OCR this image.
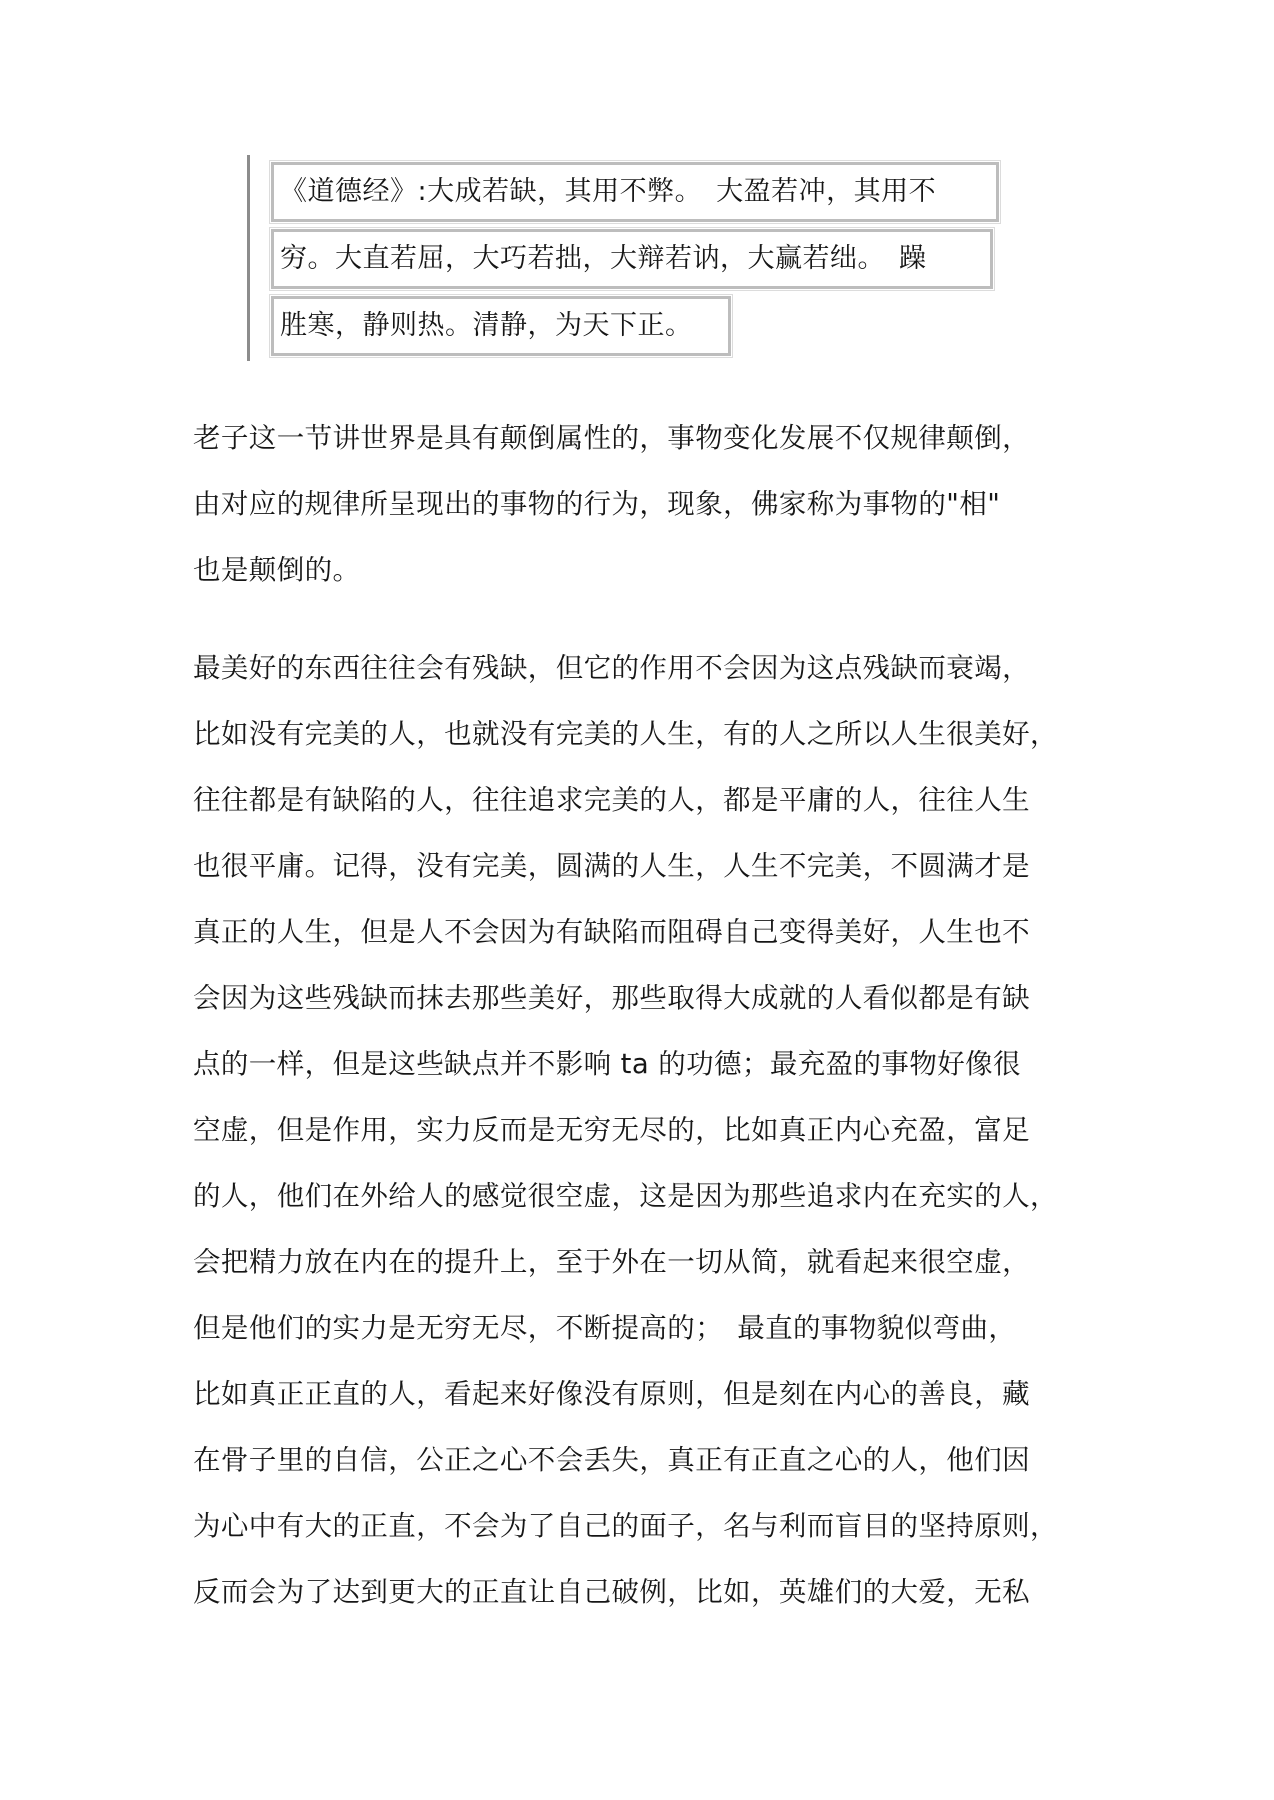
《道德经》:大成若缺，其用不弊。　大盈若冲，其用不
穷。大直若屈，大巧若拙，大辩若讷，大赢若绌。　躁
胜寒，静则热。清静，为天下正。
老子这一节讲世界是具有颠倒属性的，事物变化发展不仅规律颠倒，
由对应的规律所呈现出的事物的行为，现象，佛家称为事物的"相"
也是颠倒的。
最美好的东西往往会有残缺，但它的作用不会因为这点残缺而衰竭，
比如没有完美的人，也就没有完美的人生，有的人之所以人生很美好，
往往都是有缺陷的人，往往追求完美的人，都是平庸的人，往往人生
也很平庸。记得，没有完美，圆满的人生，人生不完美，不圆满才是
真正的人生，但是人不会因为有缺陷而阻碍自己变得美好，人生也不
会因为这些残缺而抹去那些美好，那些取得大成就的人看似都是有缺
点的一样，但是这些缺点并不影响 ta 的功德；最充盈的事物好像很
空虚，但是作用，实力反而是无穷无尽的，比如真正内心充盈，富足
的人，他们在外给人的感觉很空虚，这是因为那些追求内在充实的人，
会把精力放在内在的提升上，至于外在一切从简，就看起来很空虚，
但是他们的实力是无穷无尽，不断提高的；　最直的事物貌似弯曲，
比如真正正直的人，看起来好像没有原则，但是刻在内心的善良，藏
在骨子里的自信，公正之心不会丢失，真正有正直之心的人，他们因
为心中有大的正直，不会为了自己的面子，名与利而盲目的坚持原则，
反而会为了达到更大的正直让自己破例，比如，英雄们的大爱，无私
